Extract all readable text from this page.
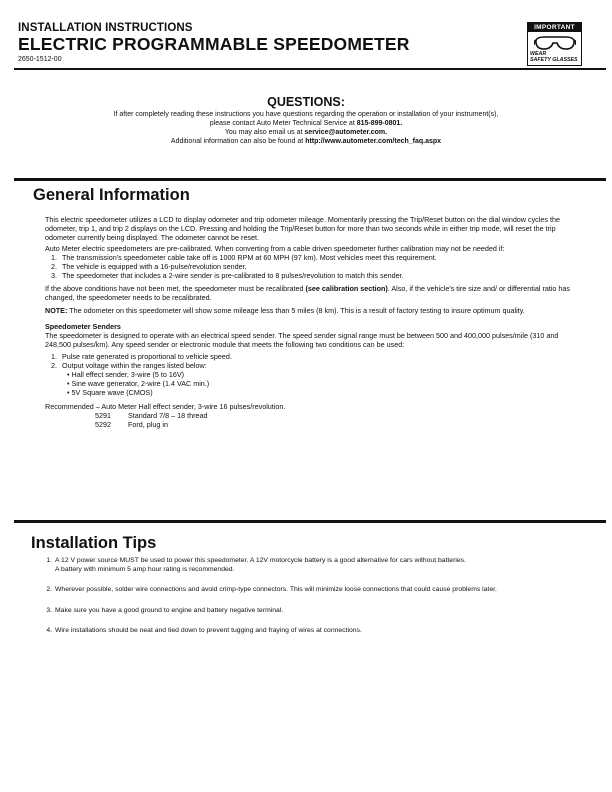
INSTALLATION INSTRUCTIONS
ELECTRIC PROGRAMMABLE SPEEDOMETER
2650-1512-00
IMPORTANT
WEAR
SAFETY GLASSES
QUESTIONS:
If after completely reading these instructions you have questions regarding the operation or installation of your instrument(s),
please contact Auto Meter Technical Service at 815-899-0801.
You may also email us at service@autometer.com.
Additional information can also be found at http://www.autometer.com/tech_faq.aspx
General Information

This electric speedometer utilizes a LCD to display odometer and trip odometer mileage. Momentarily pressing the Trip/Reset button on the dial window cycles the odometer, trip 1, and trip 2 displays on the LCD. Pressing and holding the Trip/Reset button for more than two seconds while in either trip mode, will reset the trip odometer currently being displayed. The odometer cannot be reset.

Auto Meter electric speedometers are pre-calibrated. When converting from a cable driven speedometer further calibration may not be needed if:

1. The transmission's speedometer cable take off is 1000 RPM at 60 MPH (97 km). Most vehicles meet this requirement.
2. The vehicle is equipped with a 16-pulse/revolution sender.
3. The speedometer that includes a 2-wire sender is pre-calibrated to 8 pulses/revolution to match this sender.

If the above conditions have not been met, the speedometer must be recalibrated (see calibration section). Also, if the vehicle's tire size and/ or differential ratio has changed, the speedometer needs to be recalibrated.

NOTE: The odometer on this speedometer will show some mileage less than 5 miles (8 km). This is a result of factory testing to insure optimum quality.

Speedometer Senders

The speedometer is designed to operate with an electrical speed sender. The speed sender signal range must be between 500 and 400,000 pulses/mile (310 and 248,500 pulses/km). Any speed sender or electronic module that meets the following two conditions can be used:

1. Pulse rate generated is proportional to vehicle speed.
2. Output voltage within the ranges listed below:
• Hall effect sender, 3-wire (5 to 16V)
• Sine wave generator, 2-wire (1.4 VAC min.)
• 5V Square wave (CMOS)

Recommended – Auto Meter Hall effect sender, 3-wire 16 pulses/revolution.

5291 Standard 7/8 – 18 thread
5292 Ford, plug in
Installation Tips
1. A 12 V power source MUST be used to power this speedometer. A 12V motorcycle battery is a good alternative for cars without batteries.
A battery with minimum 5 amp hour rating is recommended.
2. Wherever possible, solder wire connections and avoid crimp-type connectors. This will minimize loose connections that could cause problems later.
3. Make sure you have a good ground to engine and battery negative terminal.
4. Wire installations should be neat and tied down to prevent tugging and fraying of wires at connections.
